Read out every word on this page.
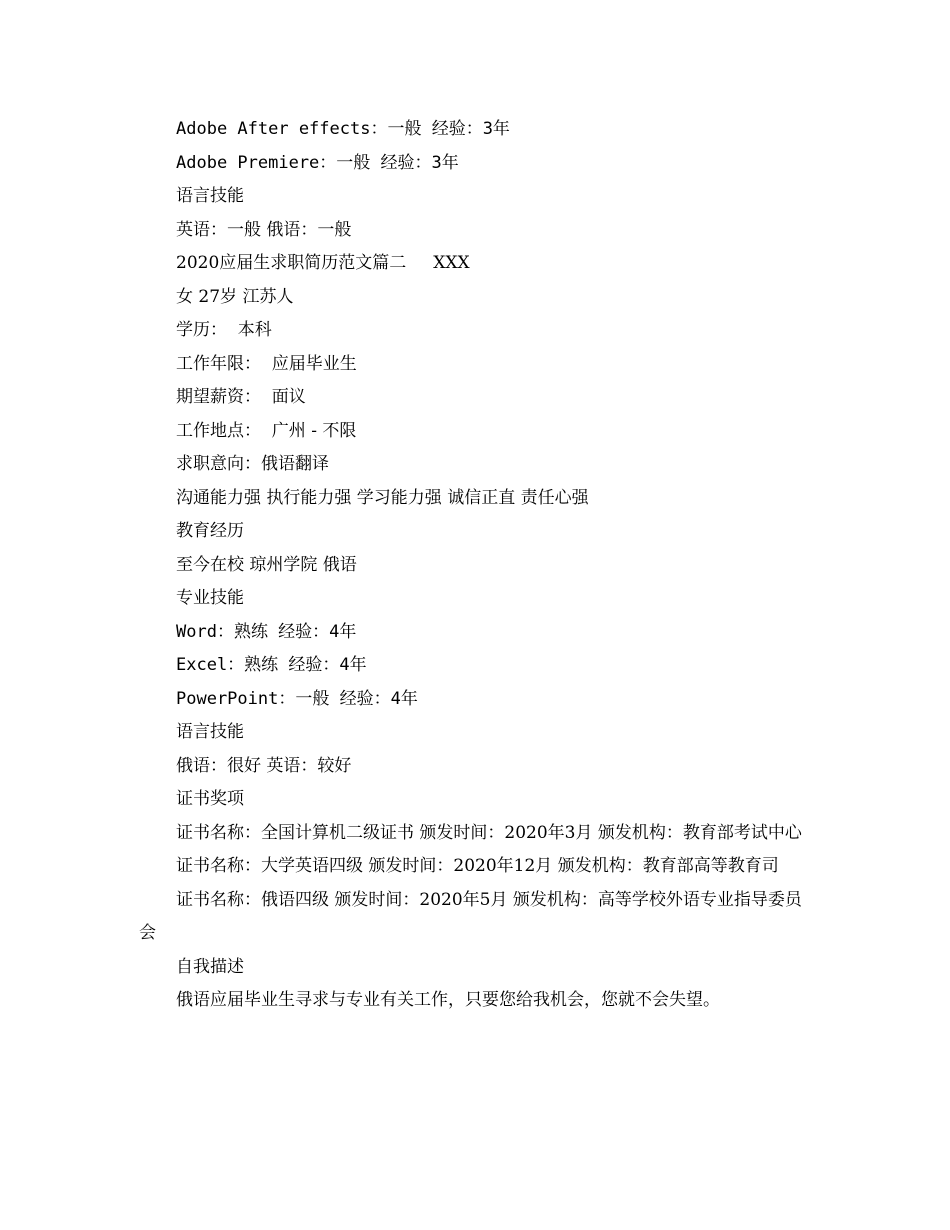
Adobe After effects：一般 经验：3年

Adobe Premiere：一般 经验：3年

语言技能

英语：一般 俄语：一般

2020应届生求职简历范文篇二     XXX

女 27岁 江苏人

学历：  本科

工作年限：  应届毕业生

期望薪资：  面议

工作地点：  广州 - 不限

求职意向：俄语翻译

沟通能力强 执行能力强 学习能力强 诚信正直 责任心强

教育经历

至今在校 琼州学院 俄语

专业技能

Word：熟练 经验：4年

Excel：熟练 经验：4年

PowerPoint：一般 经验：4年

语言技能

俄语：很好 英语：较好

证书奖项

证书名称：全国计算机二级证书 颁发时间：2020年3月 颁发机构：教育部考试中心

证书名称：大学英语四级 颁发时间：2020年12月 颁发机构：教育部高等教育司

证书名称：俄语四级 颁发时间：2020年5月 颁发机构：高等学校外语专业指导委员会

自我描述

俄语应届毕业生寻求与专业有关工作，只要您给我机会，您就不会失望。
